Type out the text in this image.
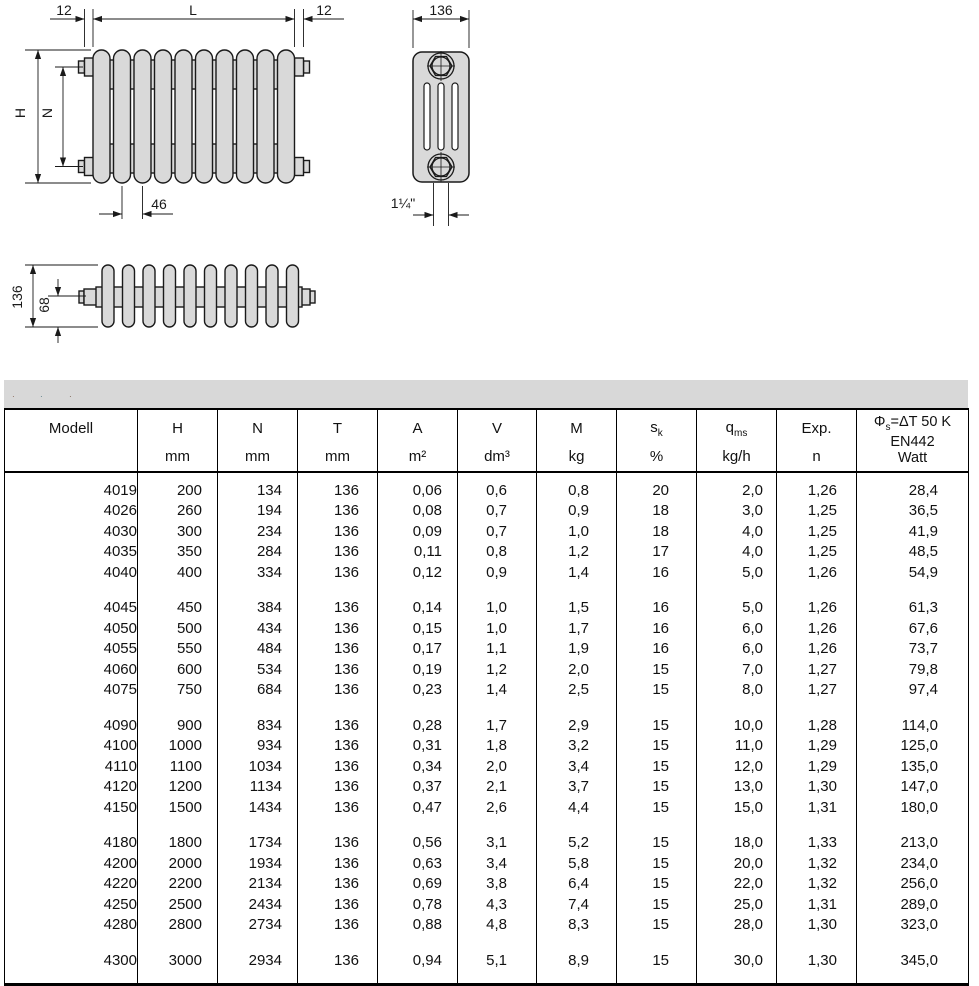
12	L	12
H N
46
136
1¼"
136 68
·	·	·
Modell	H	N	T	A	V	M	$s_k$	$q_{ms}$	Exp.	$\Phi_s=\Delta T$ 50 K
EN442
Watt

	mm	mm	mm	m²	dm³	kg	%	kg/h	n	

4019	200	134	136	0,06	0,6	0,8	20	2,0	1,26	28,4
4026	260	194	136	0,08	0,7	0,9	18	3,0	1,25	36,5
4030	300	234	136	0,09	0,7	1,0	18	4,0	1,25	41,9
4035	350	284	136	0,11	0,8	1,2	17	4,0	1,25	48,5
4040	400	334	136	0,12	0,9	1,4	16	5,0	1,26	54,9

4045	450	384	136	0,14	1,0	1,5	16	5,0	1,26	61,3
4050	500	434	136	0,15	1,0	1,7	16	6,0	1,26	67,6
4055	550	484	136	0,17	1,1	1,9	16	6,0	1,26	73,7
4060	600	534	136	0,19	1,2	2,0	15	7,0	1,27	79,8
4075	750	684	136	0,23	1,4	2,5	15	8,0	1,27	97,4

4090	900	834	136	0,28	1,7	2,9	15	10,0	1,28	114,0
4100	1000	934	136	0,31	1,8	3,2	15	11,0	1,29	125,0
4110	1100	1034	136	0,34	2,0	3,4	15	12,0	1,29	135,0
4120	1200	1134	136	0,37	2,1	3,7	15	13,0	1,30	147,0
4150	1500	1434	136	0,47	2,6	4,4	15	15,0	1,31	180,0

4180	1800	1734	136	0,56	3,1	5,2	15	18,0	1,33	213,0
4200	2000	1934	136	0,63	3,4	5,8	15	20,0	1,32	234,0
4220	2200	2134	136	0,69	3,8	6,4	15	22,0	1,32	256,0
4250	2500	2434	136	0,78	4,3	7,4	15	25,0	1,31	289,0
4280	2800	2734	136	0,88	4,8	8,3	15	28,0	1,30	323,0

4300	3000	2934	136	0,94	5,1	8,9	15	30,0	1,30	345,0
